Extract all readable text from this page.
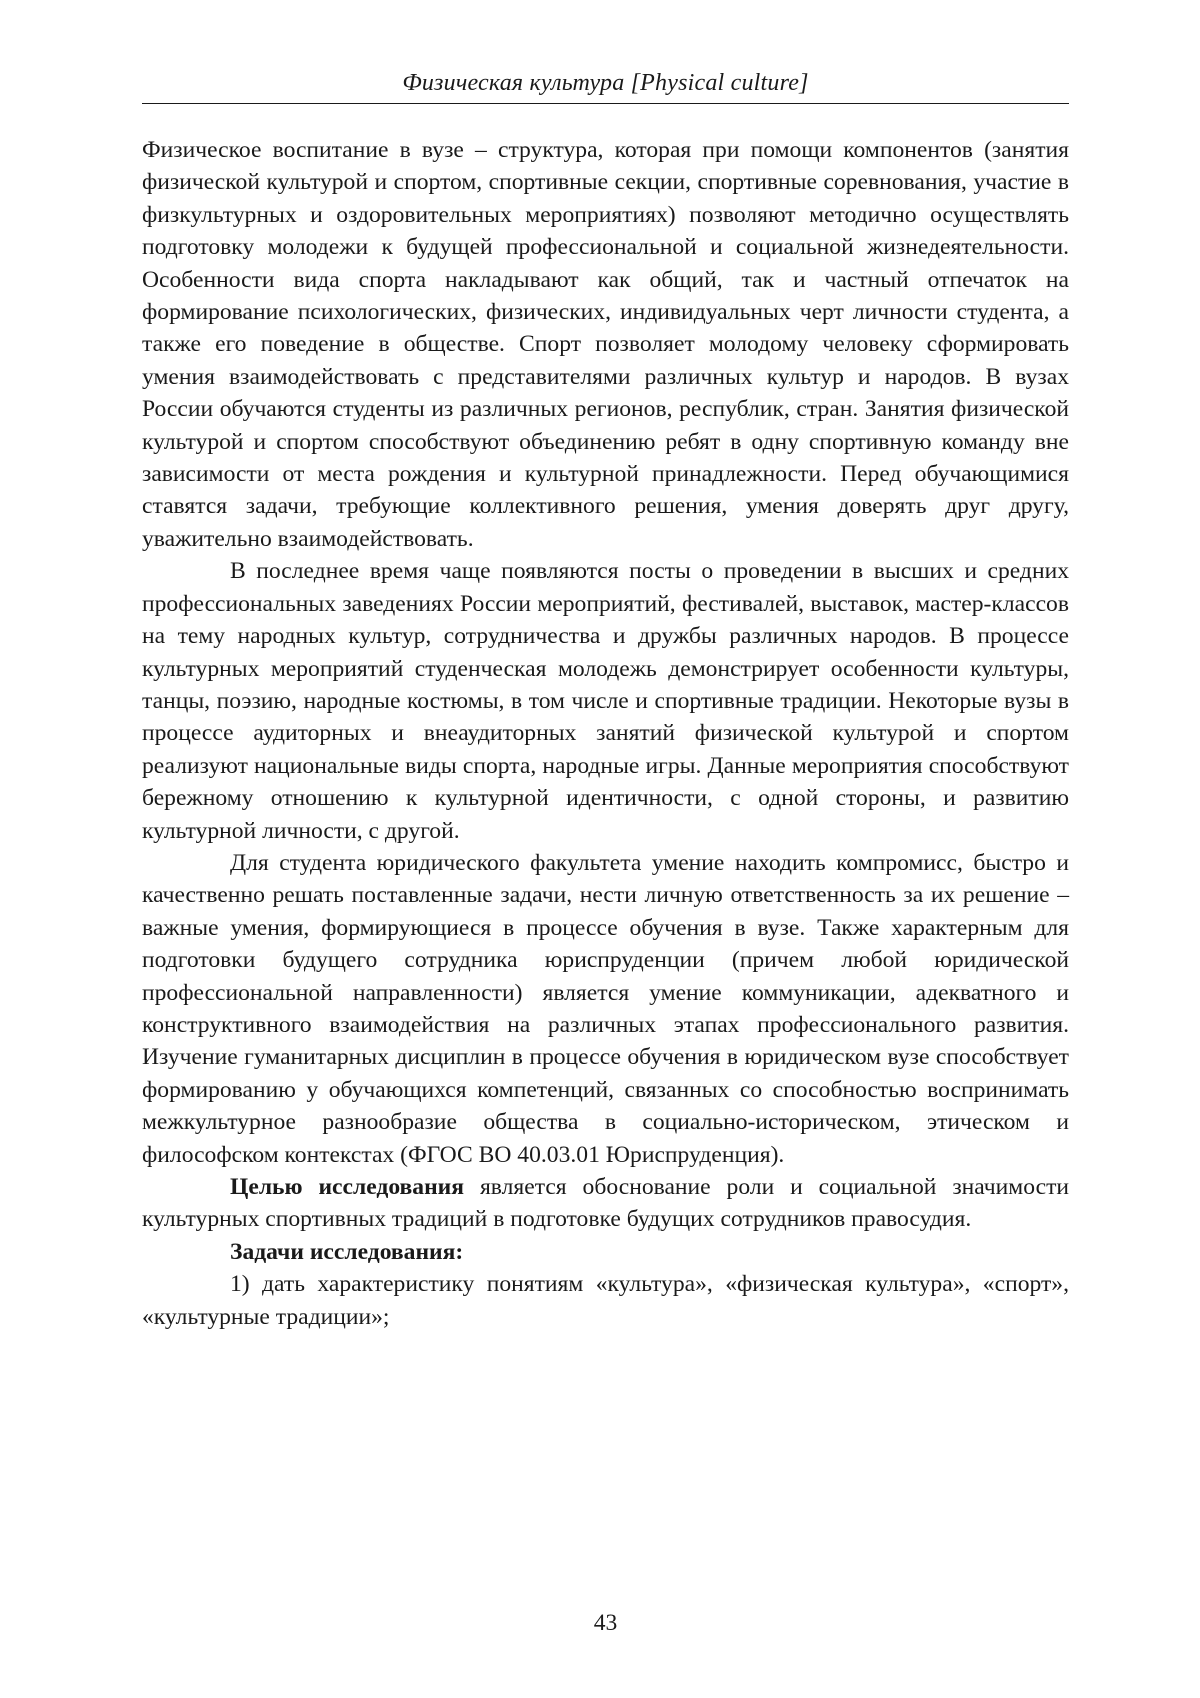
Физическая культура [Physical culture]

Физическое воспитание в вузе – структура, которая при помощи компонентов (занятия физической культурой и спортом, спортивные секции, спортивные соревнования, участие в физкультурных и оздоровительных мероприятиях) позволяют методично осуществлять подготовку молодежи к будущей профессиональной и социальной жизнедеятельности. Особенности вида спорта накладывают как общий, так и частный отпечаток на формирование психологических, физических, индивидуальных черт личности студента, а также его поведение в обществе. Спорт позволяет молодому человеку сформировать умения взаимодействовать с представителями различных культур и народов. В вузах России обучаются студенты из различных регионов, республик, стран. Занятия физической культурой и спортом способствуют объединению ребят в одну спортивную команду вне зависимости от места рождения и культурной принадлежности. Перед обучающимися ставятся задачи, требующие коллективного решения, умения доверять друг другу, уважительно взаимодействовать.

В последнее время чаще появляются посты о проведении в высших и средних профессиональных заведениях России мероприятий, фестивалей, выставок, мастер-классов на тему народных культур, сотрудничества и дружбы различных народов. В процессе культурных мероприятий студенческая молодежь демонстрирует особенности культуры, танцы, поэзию, народные костюмы, в том числе и спортивные традиции. Некоторые вузы в процессе аудиторных и внеаудиторных занятий физической культурой и спортом реализуют национальные виды спорта, народные игры. Данные мероприятия способствуют бережному отношению к культурной идентичности, с одной стороны, и развитию культурной личности, с другой.

Для студента юридического факультета умение находить компромисс, быстро и качественно решать поставленные задачи, нести личную ответственность за их решение – важные умения, формирующиеся в процессе обучения в вузе. Также характерным для подготовки будущего сотрудника юриспруденции (причем любой юридической профессиональной направленности) является умение коммуникации, адекватного и конструктивного взаимодействия на различных этапах профессионального развития. Изучение гуманитарных дисциплин в процессе обучения в юридическом вузе способствует формированию у обучающихся компетенций, связанных со способностью воспринимать межкультурное разнообразие общества в социально-историческом, этическом и философском контекстах (ФГОС ВО 40.03.01 Юриспруденция).

Целью исследования является обоснование роли и социальной значимости культурных спортивных традиций в подготовке будущих сотрудников правосудия.

Задачи исследования:

1) дать характеристику понятиям «культура», «физическая культура», «спорт», «культурные традиции»;

43
